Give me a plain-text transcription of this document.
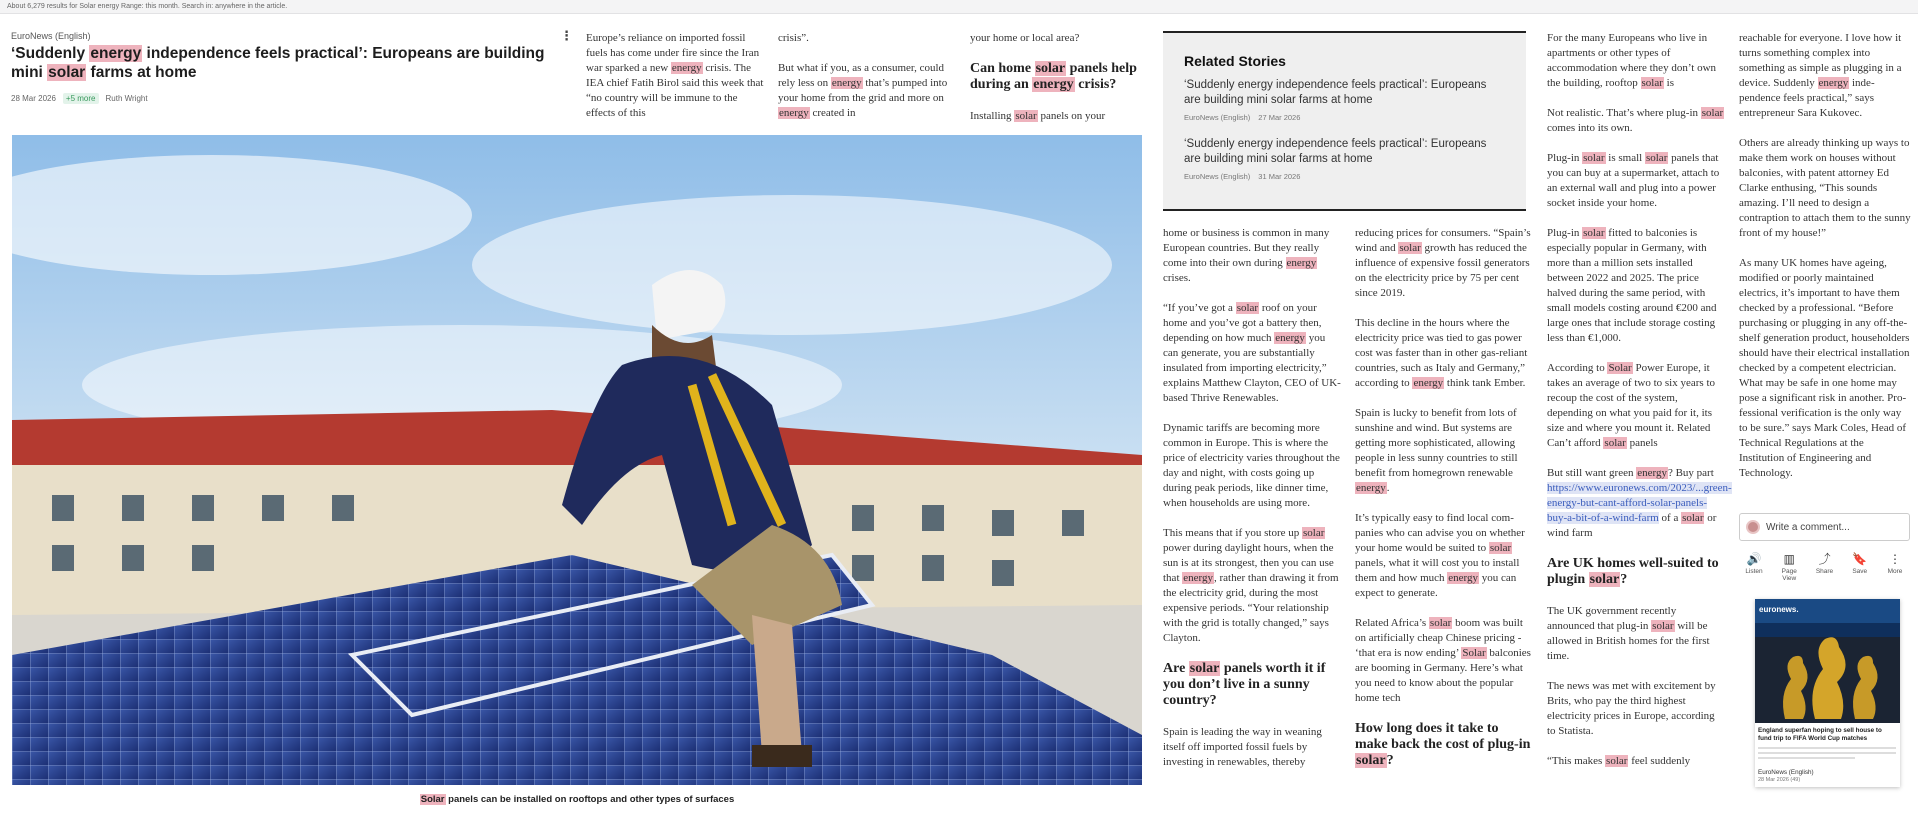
About 6,279 results for Solar energy Range: this month. Search in: anywhere in the article.
EuroNews (English)	⋮
‘Suddenly energy independence feels practical’: Europeans are building mini solar farms at home
28 Mar 2026	+5 more	Ruth Wright
Solar panels can be installed on rooftops and other types of surfaces

Europe’s reliance on imported fossil fuels has come under fire since the Iran war sparked a new energy crisis. The IEA chief Fatih Birol said this week that “no country will be immune to the effects of this

crisis”.

But what if you, as a consumer, could rely less on energy that’s pumped into your home from the grid and more on energy created in

your home or local area?

Can home solar panels help during an energy crisis?

Installing solar panels on your

home or business is common in many European countries. But they really come into their own during energy crises.

“If you’ve got a solar roof on your home and you’ve got a battery then, depending on how much energy you can generate, you are substantially insulated from importing electricity,” explains Matthew Clayton, CEO of UK-based Thrive Renewables.

Dynamic tariffs are becoming more common in Europe. This is where the price of electricity varies throughout the day and night, with costs going up during peak periods, like dinner time, when households are using more.

This means that if you store up solar power during daylight hours, when the sun is at its strongest, then you can use that energy, rather than drawing it from the electricity grid, during the most expensive periods. “Your relationship with the grid is totally changed,” says Clayton.

Are solar panels worth it if you don’t live in a sunny country?

Spain is leading the way in weaning itself off imported fossil fuels by investing in renewables, thereby

reducing prices for consumers. “Spain’s wind and solar growth has reduced the influence of expensive fossil generators on the electricity price by 75 per cent since 2019.

This decline in the hours where the electricity price was tied to gas power cost was faster than in other gas-reliant countries, such as Italy and Germany,” according to energy think tank Ember.

Spain is lucky to benefit from lots of sunshine and wind. But systems are getting more sophisticated, allowing people in less sunny countries to still benefit from homegrown renewable energy.

It’s typically easy to find local companies who can advise you on whether your home would be suited to solar panels, what it will cost you to install them and how much energy you can expect to generate.

Related Africa’s solar boom was built on artificially cheap Chinese pricing - ‘that era is now ending’ Solar balconies are booming in Germany. Here’s what you need to know about the popular home tech

How long does it take to make back the cost of plug-in solar?

For the many Europeans who live in apartments or other types of accommodation where they don’t own the building, rooftop solar is

Not realistic. That’s where plug-in solar comes into its own.

Plug-in solar is small solar panels that you can buy at a supermarket, attach to an external wall and plug into a power socket inside your home.

Plug-in solar fitted to balconies is especially popular in Germany, with more than a million sets installed between 2022 and 2025. The price halved during the same period, with small models costing around €200 and large ones that include storage costing less than €1,000.

According to Solar Power Europe, it takes an average of two to six years to recoup the cost of the system, depending on what you paid for it, its size and where you mount it. Related Can’t afford solar panels

But still want green energy? Buy part https://www.euronews.com/2023/...green-energy-but-cant-afford-solar-panels-buy-a-bit-of-a-wind-farm of a solar or wind farm

Are UK homes well-suited to plugin solar?

The UK government recently announced that plug-in solar will be allowed in British homes for the first time.

The news was met with excitement by Brits, who pay the third highest electricity prices in Europe, according to Statista.

“This makes solar feel suddenly

reachable for everyone. I love how it turns something complex into something as simple as plugging in a device. Suddenly energy independence feels practical,” says entrepreneur Sara Kukovec.

Others are already thinking up ways to make them work on houses without balconies, with patent attorney Ed Clarke enthusing, “This sounds amazing. I’ll need to design a contraption to attach them to the sunny front of my house!”

As many UK homes have ageing, modified or poorly maintained electrics, it’s important to have them checked by a professional. “Before purchasing or plugging in any off-the-shelf generation product, householders should have their electrical installation checked by a competent electrician. What may be safe in one home may pose a significant risk in another. Professional verification is the only way to be sure.” says Mark Coles, Head of Technical Regulations at the Institution of Engineering and Technology.

Related Stories
‘Suddenly energy independence feels practical’: Europeans are building mini solar farms at home
EuroNews (English) 27 Mar 2026
‘Suddenly energy independence feels practical’: Europeans are building mini solar farms at home
EuroNews (English) 31 Mar 2026
Write a comment...
🔊
Listen
▥
Page View
⤴
Share
🔖
Save
⋮
More
euronews.
England superfan hoping to sell house to fund trip to FIFA World Cup matches
EuroNews (English)
28 Mar 2026 (49)
